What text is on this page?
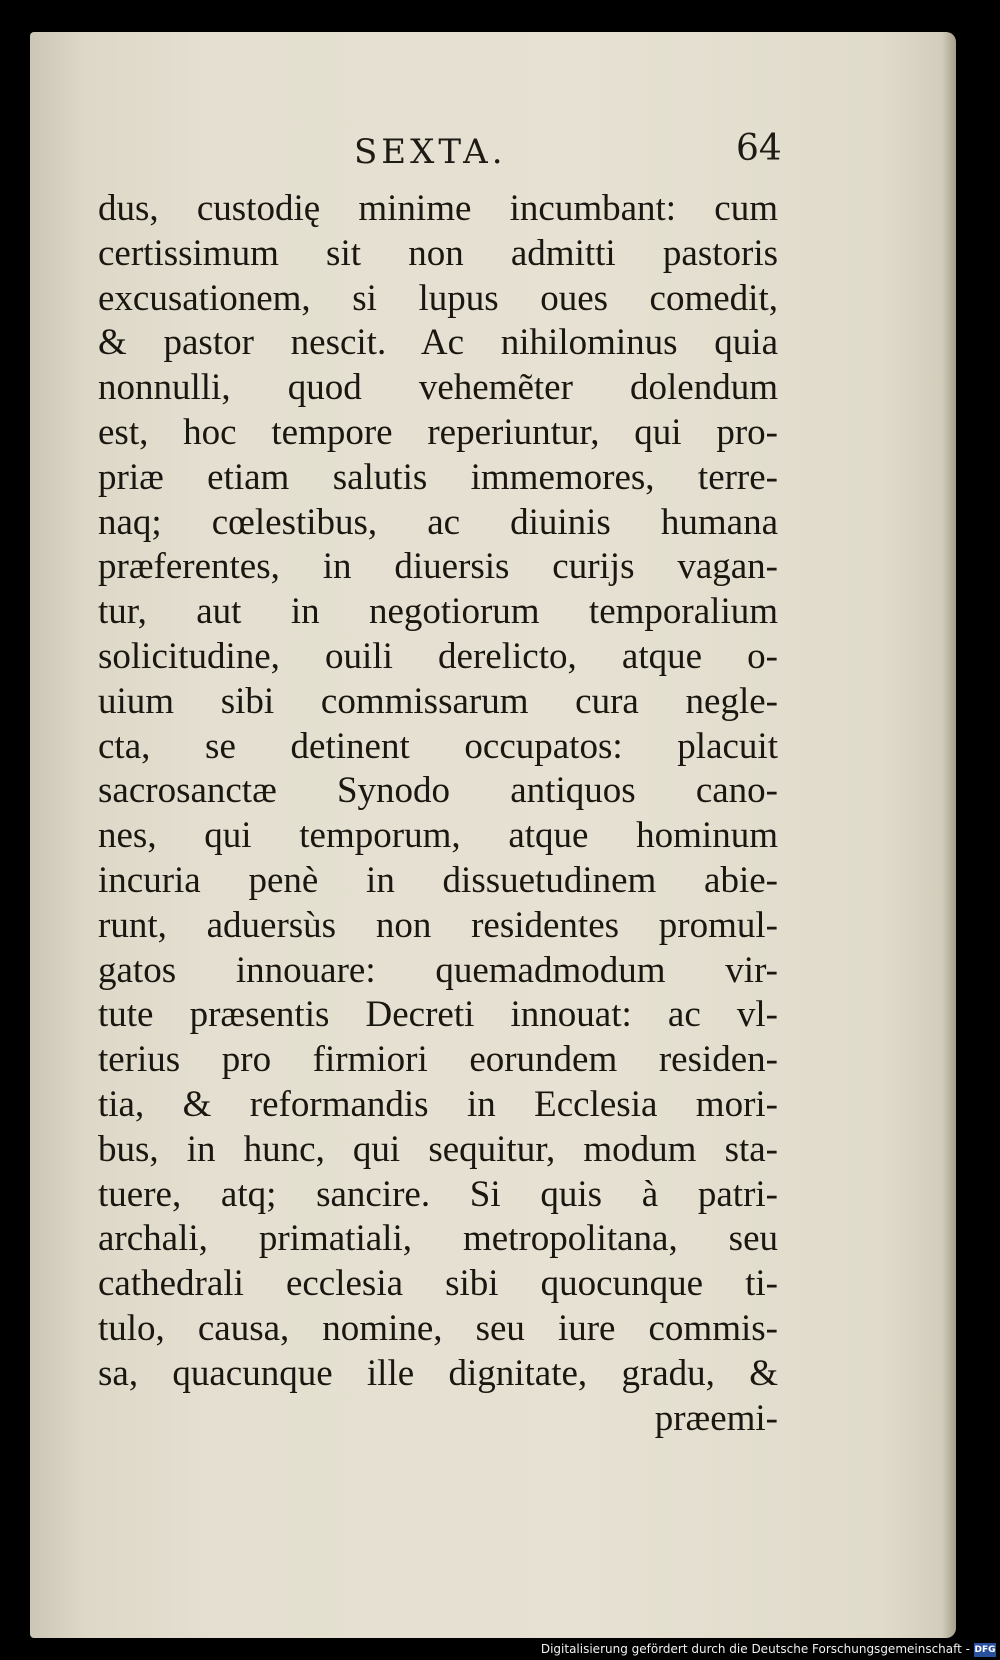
SEXTA.	64
dus, custodię minime incumbant: cum
certissimum sit non admitti pastoris
excusationem, si lupus oues comedit,
& pastor nescit. Ac nihilominus quia
nonnulli, quod vehemẽter dolendum
est, hoc tempore reperiuntur, qui pro-
priæ etiam salutis immemores, terre-
naq; cœlestibus, ac diuinis humana
præferentes, in diuersis curijs vagan-
tur, aut in negotiorum temporalium
solicitudine, ouili derelicto, atque o-
uium sibi commissarum cura negle-
cta, se detinent occupatos: placuit
sacrosanctæ Synodo antiquos cano-
nes, qui temporum, atque hominum
incuria penè in dissuetudinem abie-
runt, aduersùs non residentes promul-
gatos innouare: quemadmodum vir-
tute præsentis Decreti innouat: ac vl-
terius pro firmiori eorundem residen-
tia, & reformandis in Ecclesia mori-
bus, in hunc, qui sequitur, modum sta-
tuere, atq; sancire. Si quis à patri-
archali, primatiali, metropolitana, seu
cathedrali ecclesia sibi quocunque ti-
tulo, causa, nomine, seu iure commis-
sa, quacunque ille dignitate, gradu, &
præemi-
Digitalisierung gefördert durch die Deutsche Forschungsgemeinschaft - DFG
